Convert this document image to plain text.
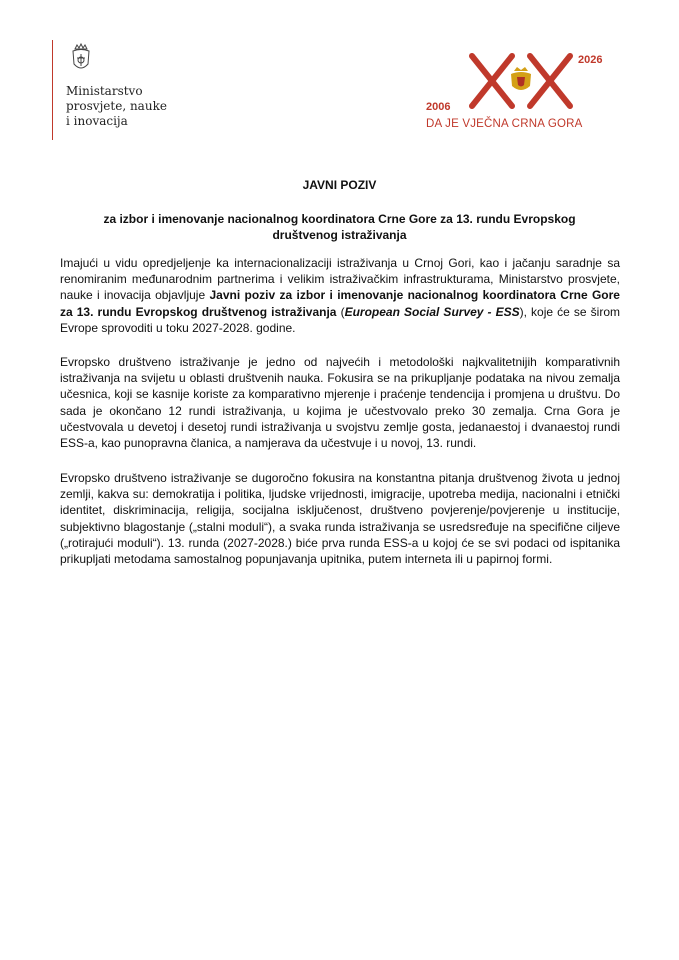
Ministarstvo
prosvjete, nauke
i inovacija
2006
2026
DA JE VJEČNA CRNA GORA
JAVNI POZIV
za izbor i imenovanje nacionalnog koordinatora Crne Gore za 13. rundu Evropskog društvenog istraživanja
Imajući u vidu opredjeljenje ka internacionalizaciji istraživanja u Crnoj Gori, kao i jačanju saradnje sa renomiranim međunarodnim partnerima i velikim istraživačkim infrastrukturama, Ministarstvo prosvjete, nauke i inovacija objavljuje Javni poziv za izbor i imenovanje nacionalnog koordinatora Crne Gore za 13. rundu Evropskog društvenog istraživanja (European Social Survey - ESS), koje će se širom Evrope sprovoditi u toku 2027-2028. godine.
Evropsko društveno istraživanje je jedno od najvećih i metodološki najkvalitetnijih komparativnih istraživanja na svijetu u oblasti društvenih nauka. Fokusira se na prikupljanje podataka na nivou zemalja učesnica, koji se kasnije koriste za komparativno mjerenje i praćenje tendencija i promjena u društvu. Do sada je okončano 12 rundi istraživanja, u kojima je učestvovalo preko 30 zemalja. Crna Gora je učestvovala u devetoj i desetoj rundi istraživanja u svojstvu zemlje gosta, jedanaestoj i dvanaestoj rundi ESS-a, kao punopravna članica, a namjerava da učestvuje i u novoj, 13. rundi.
Evropsko društveno istraživanje se dugoročno fokusira na konstantna pitanja društvenog života u jednoj zemlji, kakva su: demokratija i politika, ljudske vrijednosti, imigracije, upotreba medija, nacionalni i etnički identitet, diskriminacija, religija, socijalna isključenost, društveno povjerenje/povjerenje u institucije, subjektivno blagostanje („stalni moduli“), a svaka runda istraživanja se usredsređuje na specifične ciljeve („rotirajući moduli“). 13. runda (2027-2028.) biće prva runda ESS-a u kojoj će se svi podaci od ispitanika prikupljati metodama samostalnog popunjavanja upitnika, putem interneta ili u papirnoj formi.
